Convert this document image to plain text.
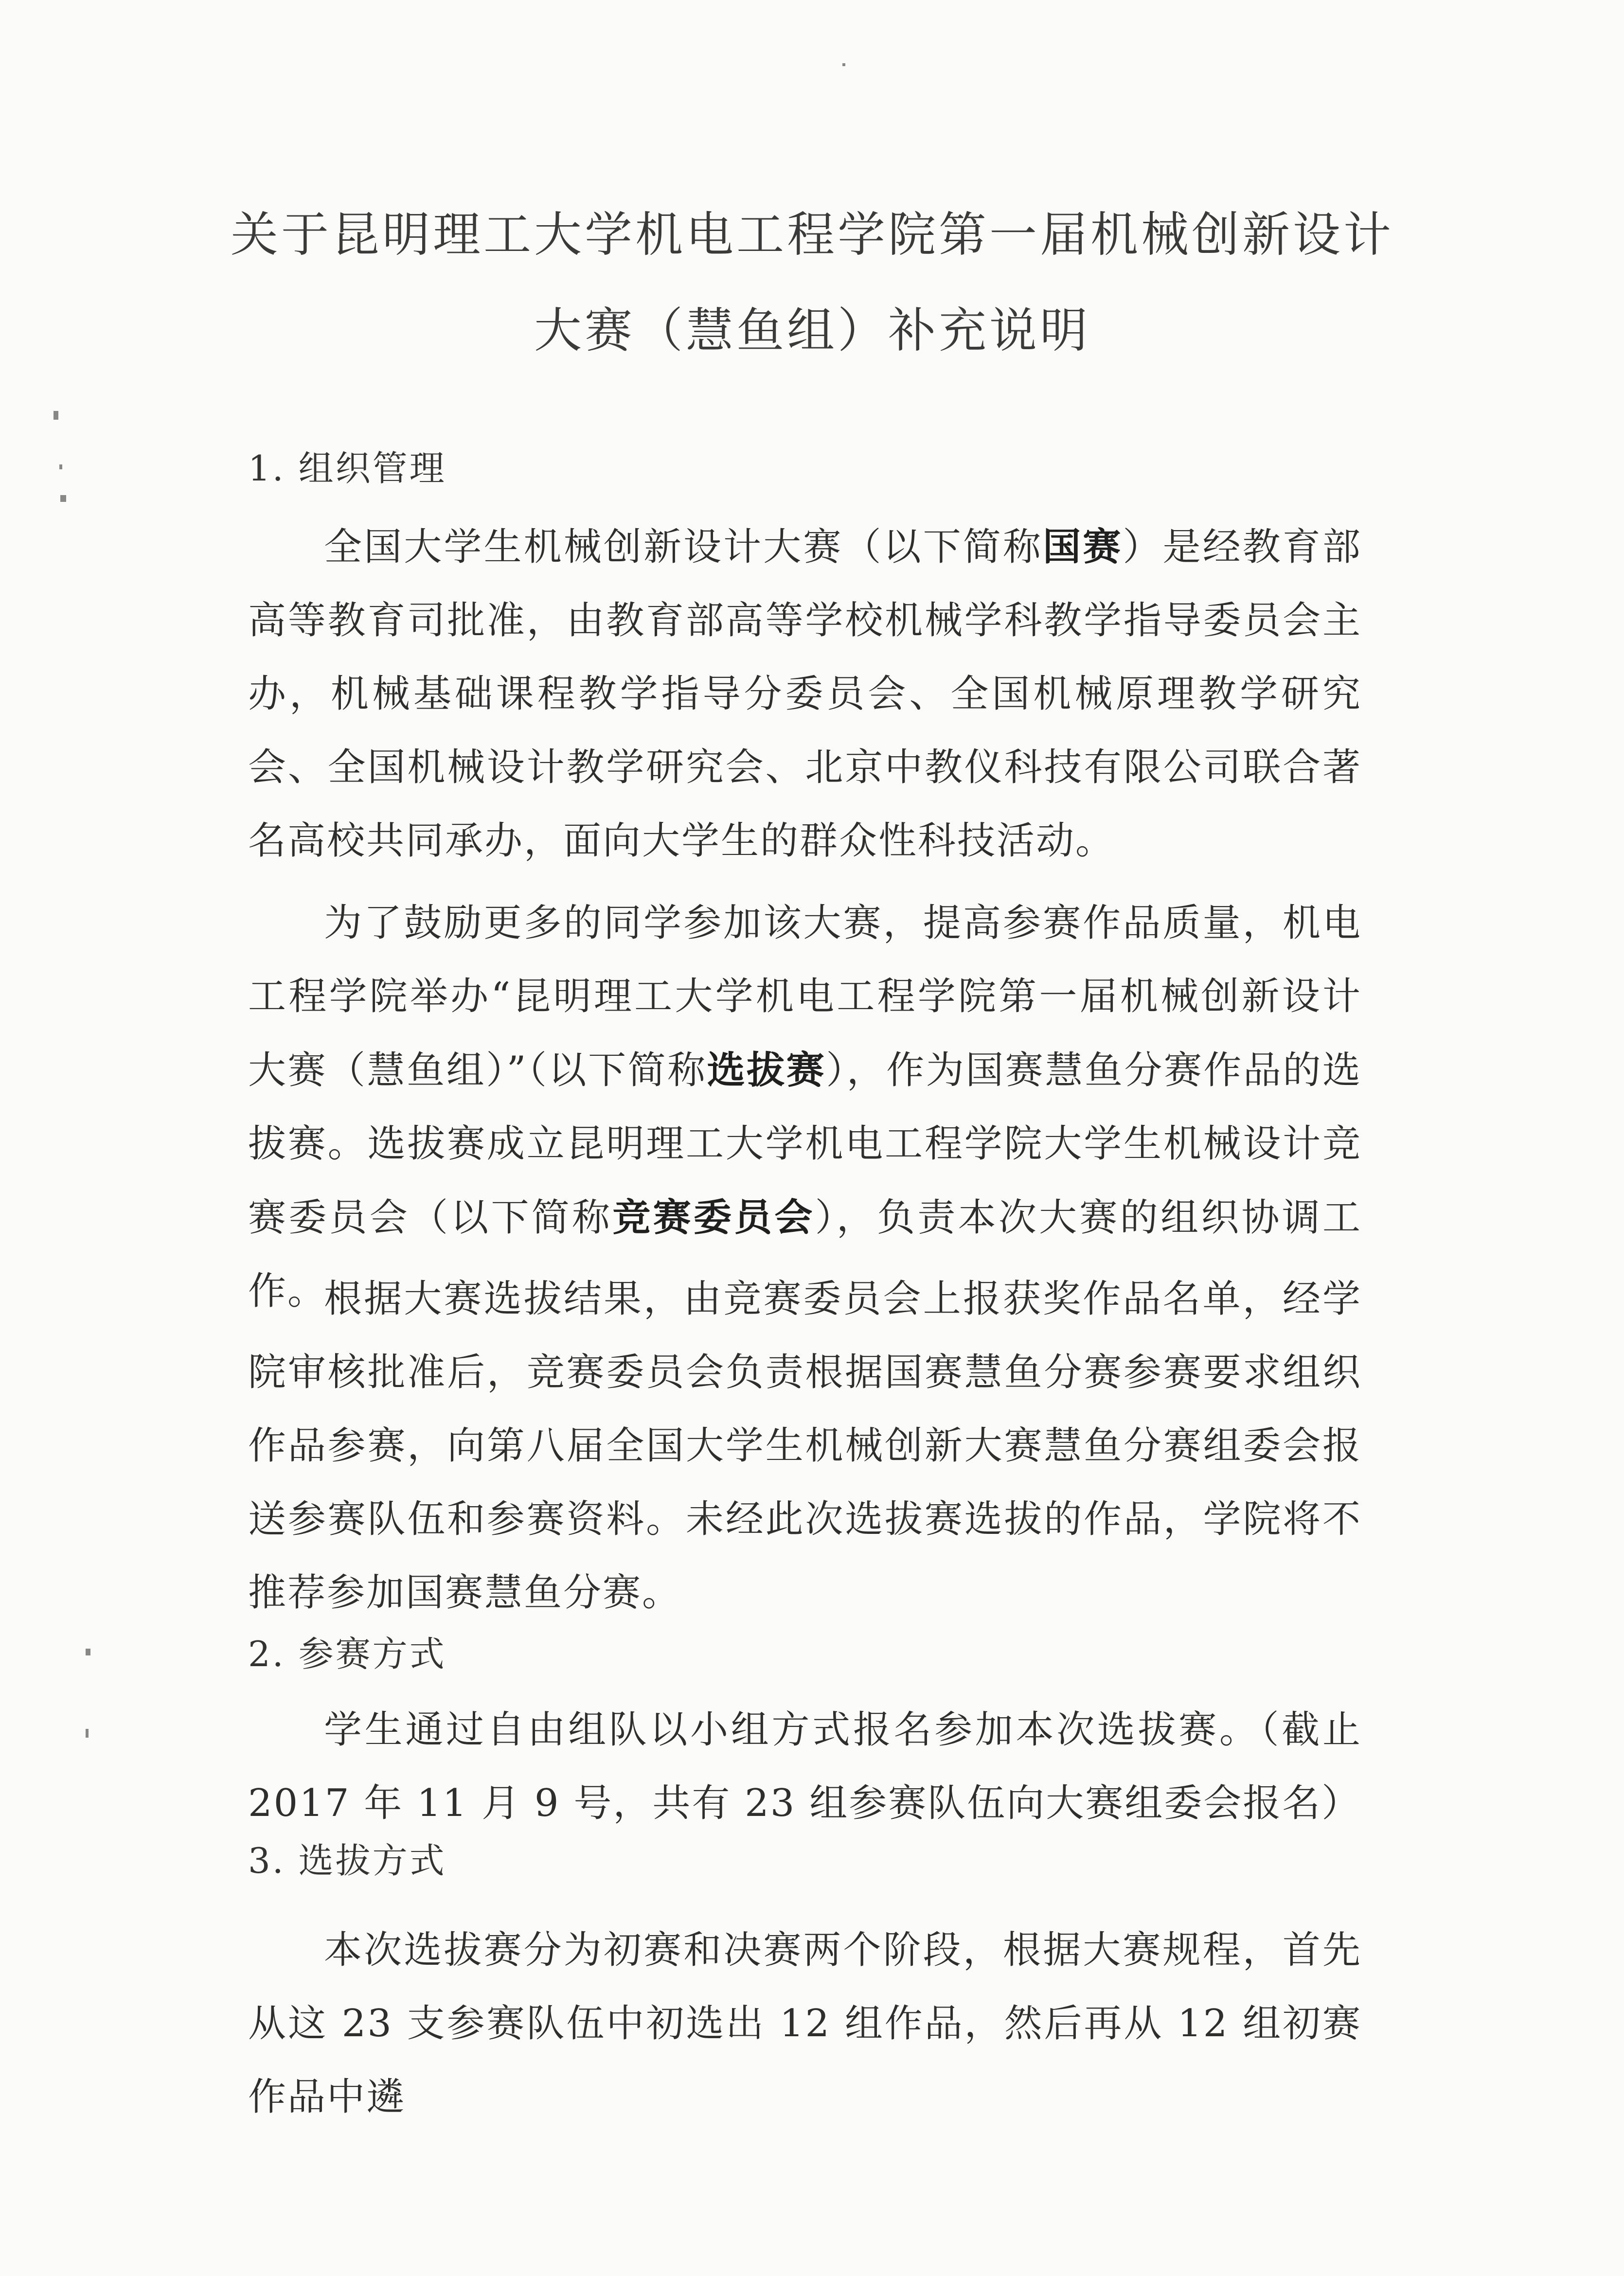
关于昆明理工大学机电工程学院第一届机械创新设计
大赛（慧鱼组）补充说明
1. 组织管理
全国大学生机械创新设计大赛（以下简称国赛）是经教育部高等教育司批准，由教育部高等学校机械学科教学指导委员会主办，机械基础课程教学指导分委员会、全国机械原理教学研究会、全国机械设计教学研究会、北京中教仪科技有限公司联合著名高校共同承办，面向大学生的群众性科技活动。
为了鼓励更多的同学参加该大赛，提高参赛作品质量，机电工程学院举办“昆明理工大学机电工程学院第一届机械创新设计大赛（慧鱼组）”（以下简称选拔赛），作为国赛慧鱼分赛作品的选拔赛。选拔赛成立昆明理工大学机电工程学院大学生机械设计竞赛委员会（以下简称竞赛委员会），负责本次大赛的组织协调工作。
根据大赛选拔结果，由竞赛委员会上报获奖作品名单，经学院审核批准后，竞赛委员会负责根据国赛慧鱼分赛参赛要求组织作品参赛，向第八届全国大学生机械创新大赛慧鱼分赛组委会报送参赛队伍和参赛资料。未经此次选拔赛选拔的作品，学院将不推荐参加国赛慧鱼分赛。
2. 参赛方式
学生通过自由组队以小组方式报名参加本次选拔赛。（截止2017 年 11 月 9 号，共有 23 组参赛队伍向大赛组委会报名）
3. 选拔方式
本次选拔赛分为初赛和决赛两个阶段，根据大赛规程，首先从这 23 支参赛队伍中初选出 12 组作品，然后再从 12 组初赛作品中遴
